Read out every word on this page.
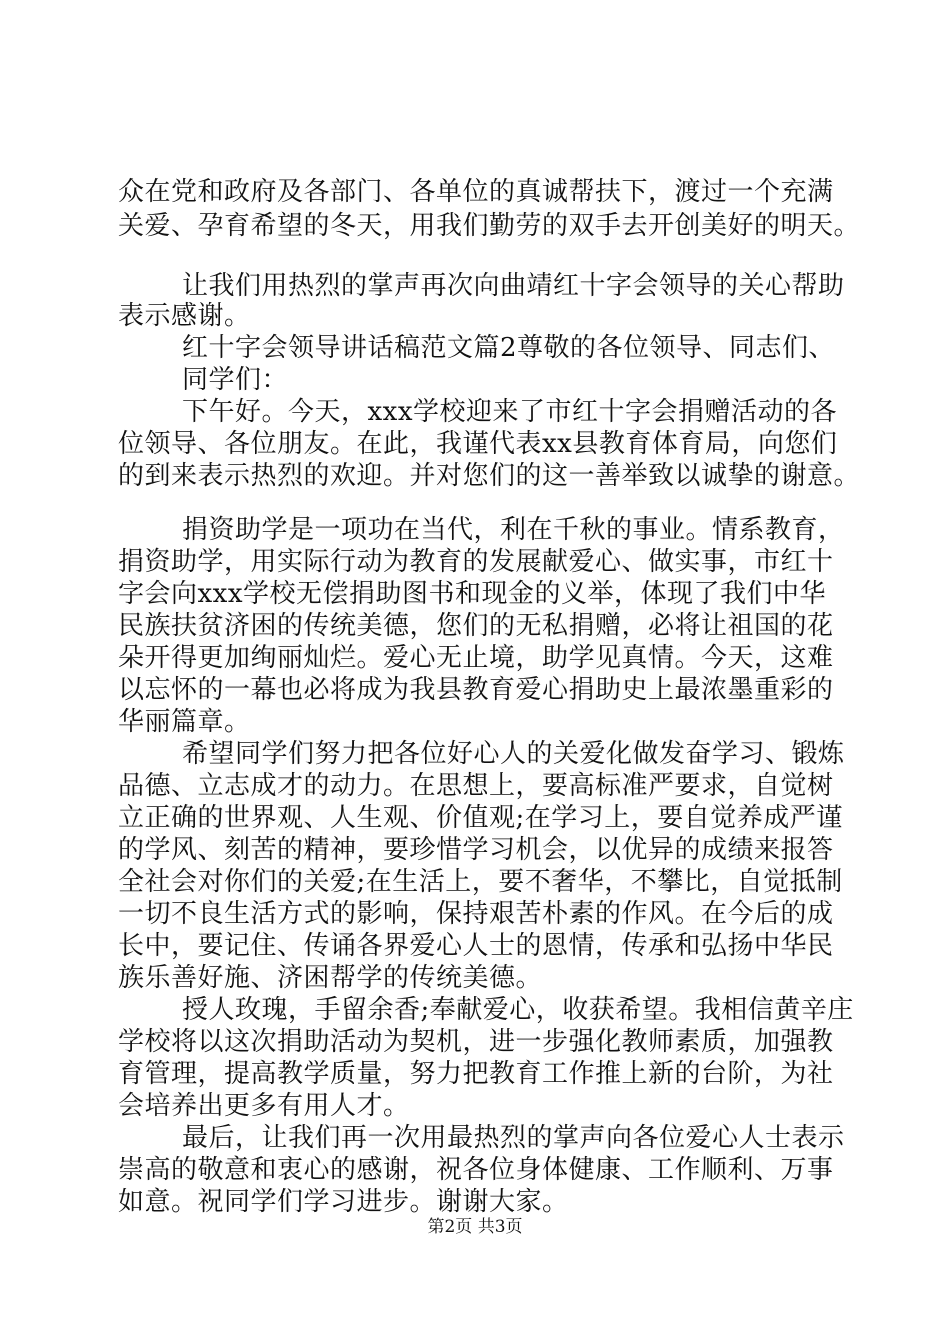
众在党和政府及各部门、各单位的真诚帮扶下，渡过一个充满
关爱、孕育希望的冬天，用我们勤劳的双手去开创美好的明天。
让我们用热烈的掌声再次向曲靖红十字会领导的关心帮助
表示感谢。
红十字会领导讲话稿范文篇2尊敬的各位领导、同志们、
同学们：
下午好。今天，xxx学校迎来了市红十字会捐赠活动的各
位领导、各位朋友。在此，我谨代表xx县教育体育局，向您们
的到来表示热烈的欢迎。并对您们的这一善举致以诚挚的谢意。
捐资助学是一项功在当代，利在千秋的事业。情系教育，
捐资助学，用实际行动为教育的发展献爱心、做实事，市红十
字会向xxx学校无偿捐助图书和现金的义举，体现了我们中华
民族扶贫济困的传统美德，您们的无私捐赠，必将让祖国的花
朵开得更加绚丽灿烂。爱心无止境，助学见真情。今天，这难
以忘怀的一幕也必将成为我县教育爱心捐助史上最浓墨重彩的
华丽篇章。
希望同学们努力把各位好心人的关爱化做发奋学习、锻炼
品德、立志成才的动力。在思想上，要高标准严要求，自觉树
立正确的世界观、人生观、价值观;在学习上，要自觉养成严谨
的学风、刻苦的精神，要珍惜学习机会，以优异的成绩来报答
全社会对你们的关爱;在生活上，要不奢华，不攀比，自觉抵制
一切不良生活方式的影响，保持艰苦朴素的作风。在今后的成
长中，要记住、传诵各界爱心人士的恩情，传承和弘扬中华民
族乐善好施、济困帮学的传统美德。
授人玫瑰，手留余香;奉献爱心，收获希望。我相信黄辛庄
学校将以这次捐助活动为契机，进一步强化教师素质，加强教
育管理，提高教学质量，努力把教育工作推上新的台阶，为社
会培养出更多有用人才。
最后，让我们再一次用最热烈的掌声向各位爱心人士表示
崇高的敬意和衷心的感谢，祝各位身体健康、工作顺利、万事
如意。祝同学们学习进步。谢谢大家。
第2页 共3页
